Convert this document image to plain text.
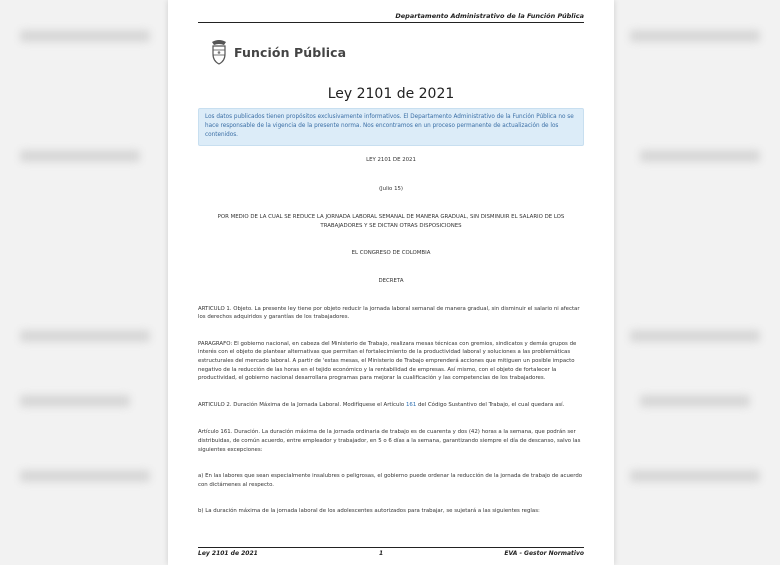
Departamento Administrativo de la Función Pública
Función Pública
Ley 2101 de 2021
Los datos publicados tienen propósitos exclusivamente informativos. El Departamento Administrativo de la Función Pública no se hace responsable de la vigencia de la presente norma. Nos encontramos en un proceso permanente de actualización de los contenidos.

LEY 2101 DE 2021

(Julio 15)

POR MEDIO DE LA CUAL SE REDUCE LA JORNADA LABORAL SEMANAL DE MANERA GRADUAL, SIN DISMINUIR EL SALARIO DE LOS TRABAJADORES Y SE DICTAN OTRAS DISPOSICIONES

EL CONGRESO DE COLOMBIA

DECRETA

ARTICULO 1. Objeto. La presente ley tiene por objeto reducir la jornada laboral semanal de manera gradual, sin disminuir el salario ni afectar los derechos adquiridos y garantías de los trabajadores.

PARAGRAFO: El gobierno nacional, en cabeza del Ministerio de Trabajo, realizara mesas técnicas con gremios, sindicatos y demás grupos de interés con el objeto de plantear alternativas que permitan el fortalecimiento de la productividad laboral y soluciones a las problemáticas estructurales del mercado laboral. A partir de 'estas mesas, el Ministerio de Trabajo emprenderá acciones que mitiguen un posible impacto negativo de la reducción de las horas en el tejido económico y la rentabilidad de empresas. Así mismo, con el objeto de fortalecer la productividad, el gobierno nacional desarrollara programas para mejorar la cualificación y las competencias de los trabajadores.

ARTICULO 2. Duración Máxima de la Jornada Laboral. Modifíquese el Artículo 161 del Código Sustantivo del Trabajo, el cual quedara así.

Artículo 161. Duración. La duración máxima de la jornada ordinaria de trabajo es de cuarenta y dos (42) horas a la semana, que podrán ser distribuidas, de común acuerdo, entre empleador y trabajador, en 5 o 6 días a la semana, garantizando siempre el día de descanso, salvo las siguientes excepciones:

a) En las labores que sean especialmente insalubres o peligrosas, el gobierno puede ordenar la reducción de la jornada de trabajo de acuerdo con dictámenes al respecto.

b) La duración máxima de la jornada laboral de los adolescentes autorizados para trabajar, se sujetará a las siguientes reglas:

Ley 2101 de 2021	1	EVA - Gestor Normativo
